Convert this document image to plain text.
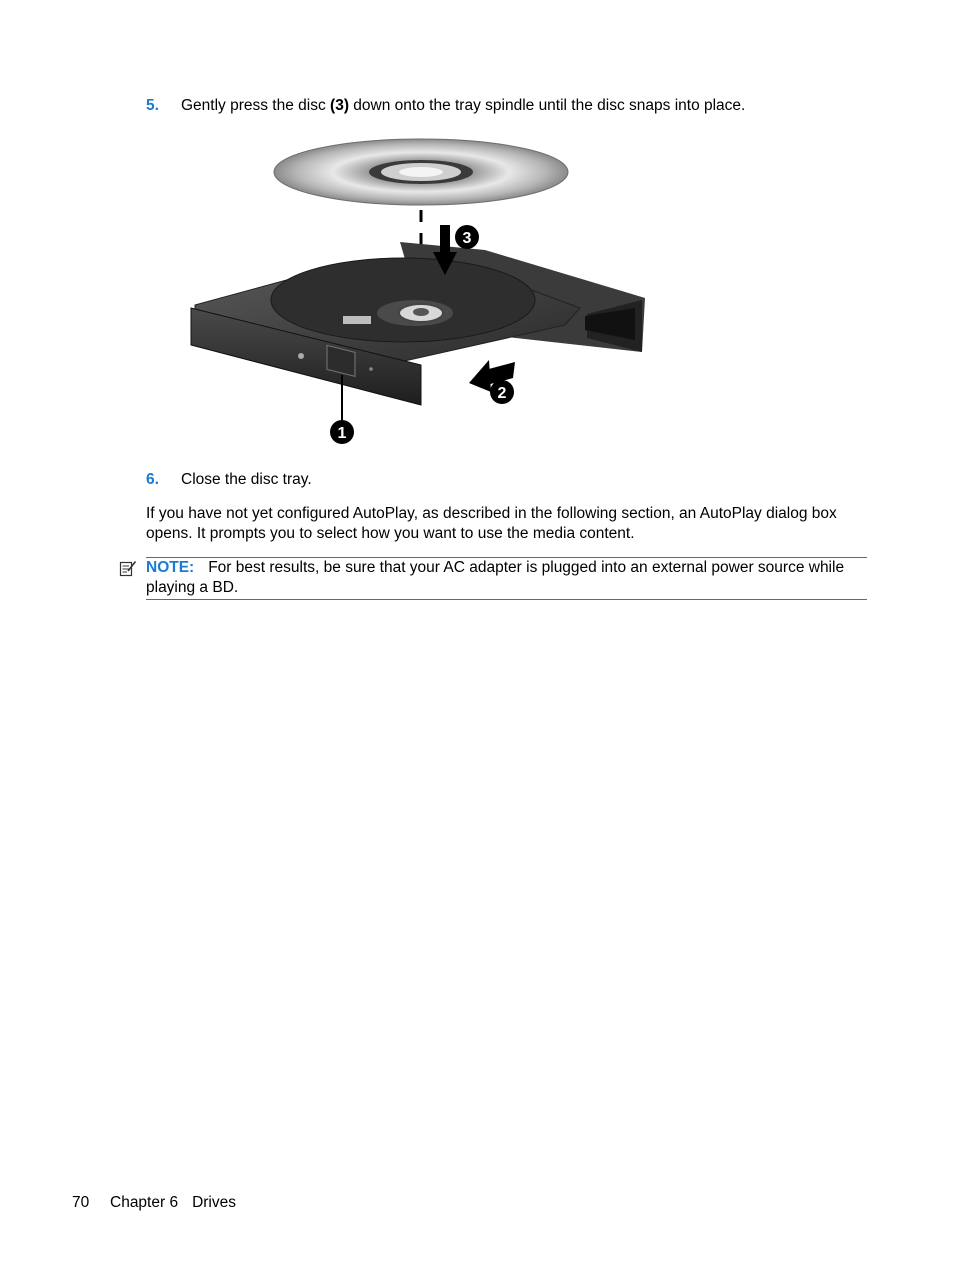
5. Gently press the disc (3) down onto the tray spindle until the disc snaps into place.
3
2
1
6. Close the disc tray.
If you have not yet configured AutoPlay, as described in the following section, an AutoPlay dialog box opens. It prompts you to select how you want to use the media content.
NOTE: For best results, be sure that your AC adapter is plugged into an external power source while playing a BD.
70 Chapter 6 Drives
